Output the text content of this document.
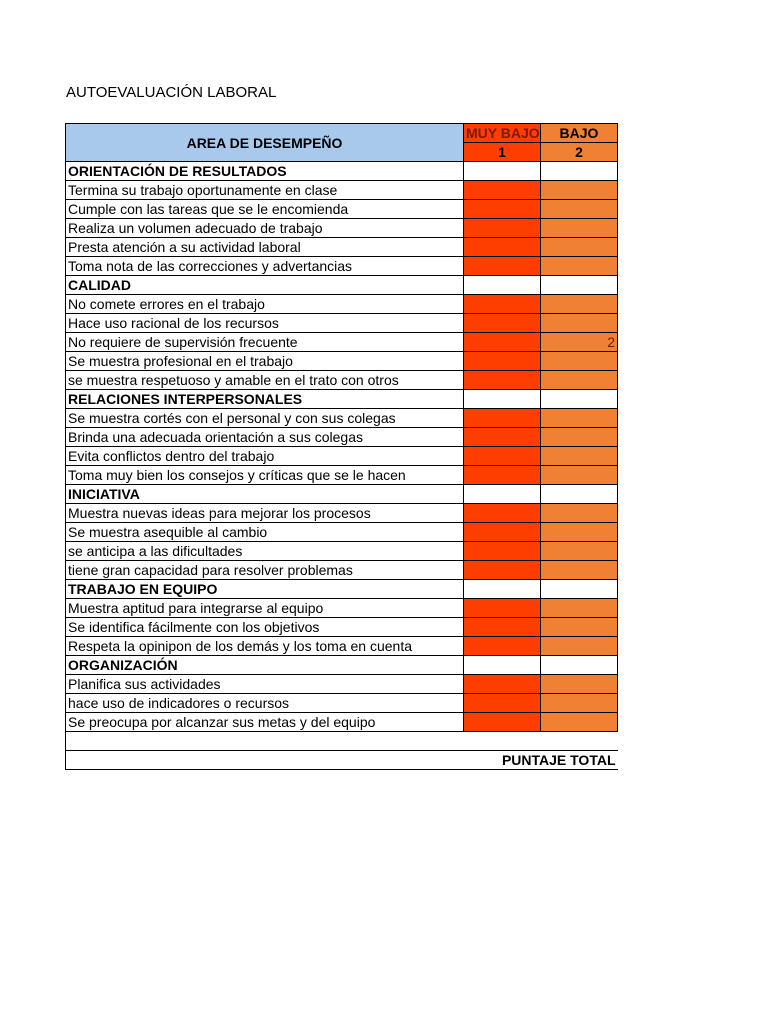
AUTOEVALUACIÓN LABORAL
AREA DE DESEMPEÑO	MUY BAJO	BAJO
	1	2
ORIENTACIÓN DE RESULTADOS		
Termina su trabajo oportunamente en clase		
Cumple con las tareas que se le encomienda		
Realiza un volumen adecuado de trabajo		
Presta atención a su actividad laboral		
Toma nota de las correcciones y advertancias		
CALIDAD		
No comete errores en el trabajo		
Hace uso racional de los recursos		
No requiere de supervisión frecuente		2
Se muestra profesional en el trabajo		
se muestra respetuoso y amable en el trato con otros		
RELACIONES INTERPERSONALES		
Se muestra cortés con el personal y con sus colegas		
Brinda una adecuada orientación a sus colegas		
Evita conflictos dentro del trabajo		
Toma muy bien los consejos y críticas que se le hacen		
INICIATIVA		
Muestra nuevas ideas para mejorar los procesos		
Se muestra asequible al cambio		
se anticipa a las dificultades		
tiene gran capacidad para resolver problemas		
TRABAJO EN EQUIPO		
Muestra aptitud para integrarse al equipo		
Se identifica fácilmente con los objetivos		
Respeta la opinipon de los demás y los toma en cuenta		
ORGANIZACIÓN		
Planifica sus actividades		
hace uso de indicadores o recursos		
Se preocupa por alcanzar sus metas y del equipo		

PUNTAJE TOTAL		
